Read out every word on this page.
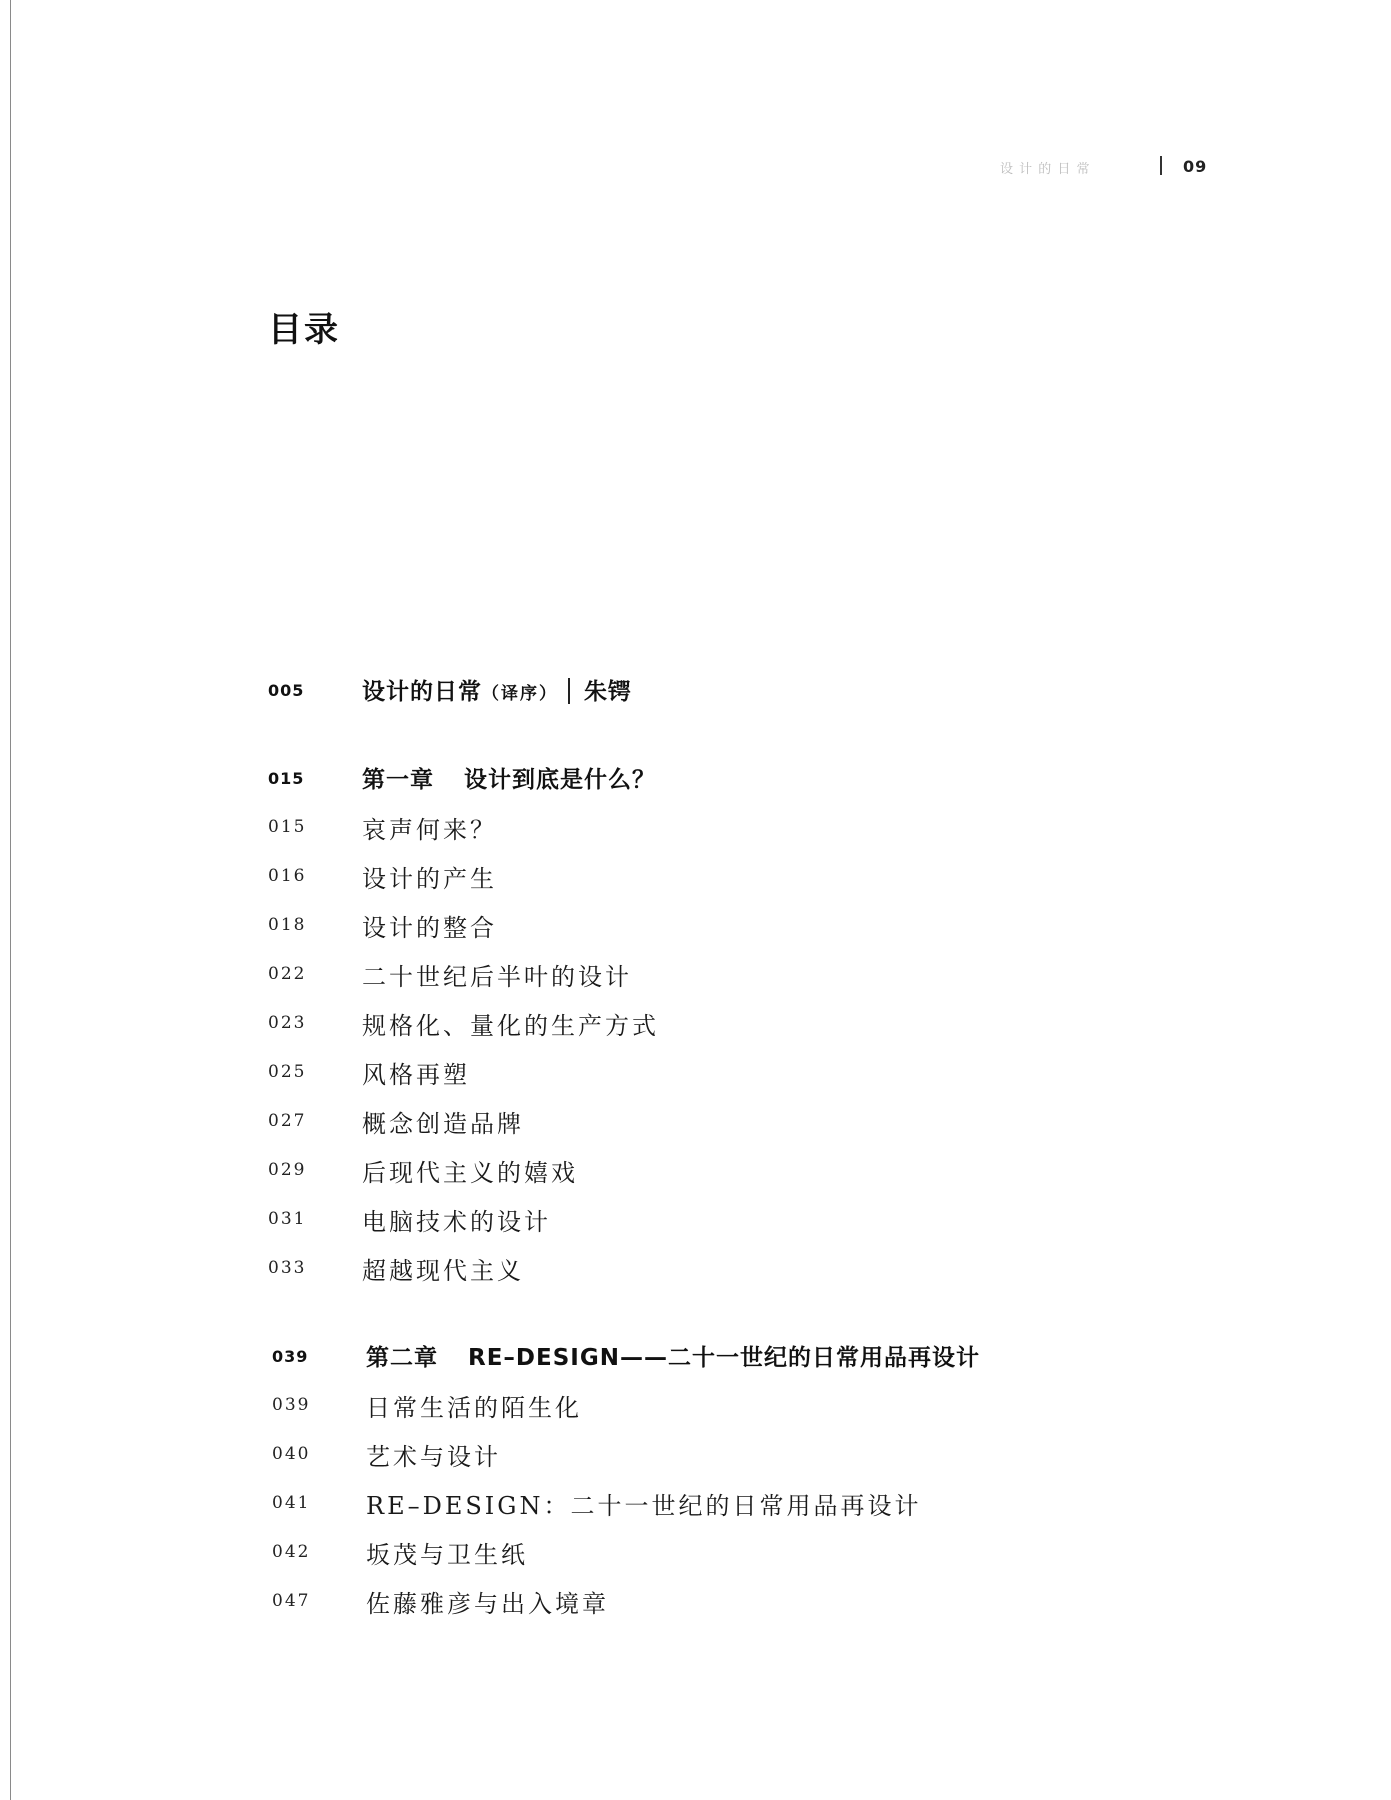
设 计 的 日 常	09
目录
005	设计的日常（译序） 朱锷
015	第一章 设计到底是什么？
015 哀声何来？
016 设计的产生
018 设计的整合
022 二十世纪后半叶的设计
023 规格化、量化的生产方式
025 风格再塑
027 概念创造品牌
029 后现代主义的嬉戏
031 电脑技术的设计
033 超越现代主义
039	第二章 RE–DESIGN——二十一世纪的日常用品再设计
039 日常生活的陌生化
040 艺术与设计
041 RE–DESIGN：二十一世纪的日常用品再设计
042 坂茂与卫生纸
047 佐藤雅彦与出入境章
